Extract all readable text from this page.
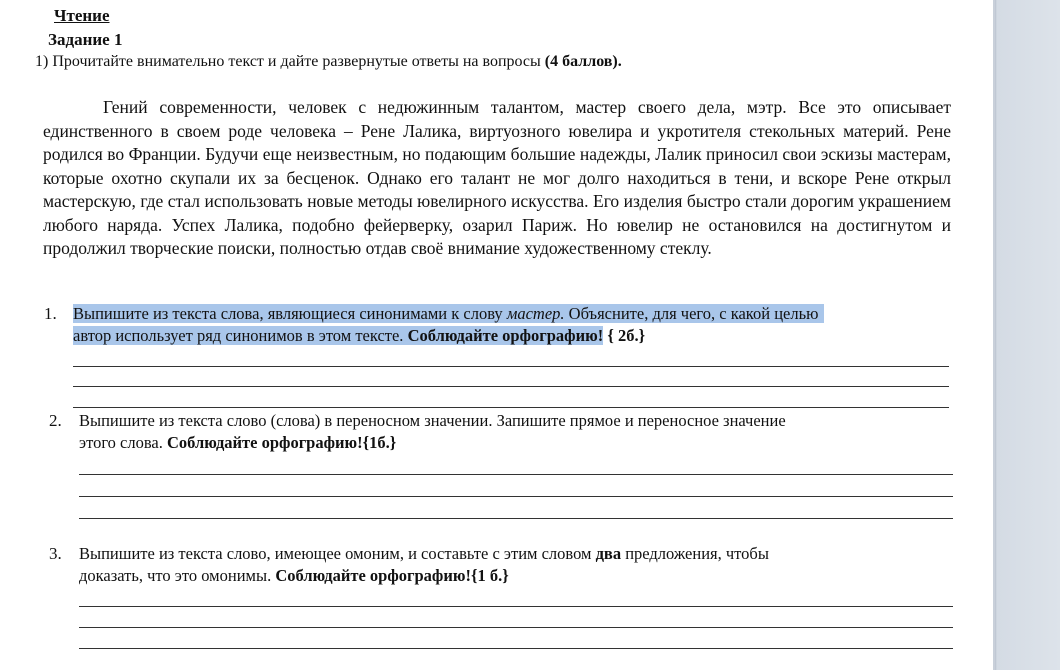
Чтение
Задание 1
1) Прочитайте внимательно текст и дайте развернутые ответы на вопросы (4 баллов).

Гений современности, человек с недюжинным талантом, мастер своего дела, мэтр. Все это описывает единственного в своем роде человека – Рене Лалика, виртуозного ювелира и укротителя стекольных материй. Рене родился во Франции. Будучи еще неизвестным, но подающим большие надежды, Лалик приносил свои эскизы мастерам, которые охотно скупали их за бесценок. Однако его талант не мог долго находиться в тени, и вскоре Рене открыл мастерскую, где стал использовать новые методы ювелирного искусства. Его изделия быстро стали дорогим украшением любого наряда. Успех Лалика, подобно фейерверку, озарил Париж. Но ювелир не остановился на достигнутом и продолжил творческие поиски, полностью отдав своё внимание художественному стеклу.

1. Выпишите из текста слова, являющиеся синонимами к слову мастер. Объясните, для чего, с какой целью
автор использует ряд синонимов в этом тексте. Соблюдайте орфографию! { 2б.}
2. Выпишите из текста слово (слова) в переносном значении. Запишите прямое и переносное значение
этого слова. Соблюдайте орфографию!{1б.}
3. Выпишите из текста слово, имеющее омоним, и составьте с этим словом два предложения, чтобы
доказать, что это омонимы. Соблюдайте орфографию!{1 б.}
